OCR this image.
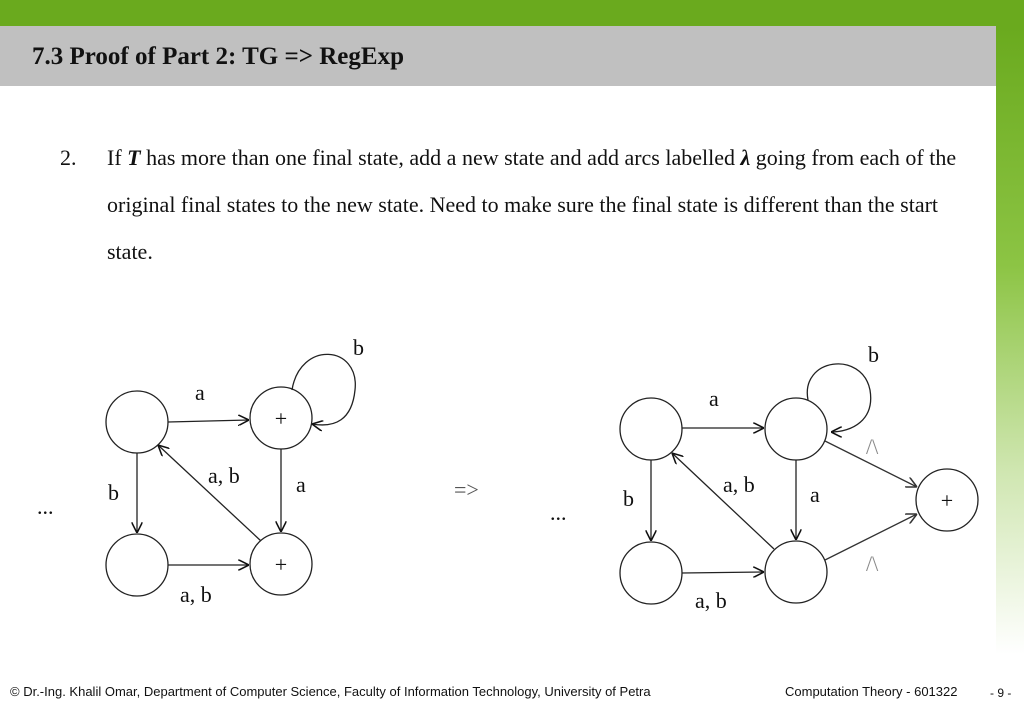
7.3 Proof of Part 2: TG => RegExp
2. If T has more than one final state, add a new state and add arcs labelled λ going from each of the original final states to the new state. Need to make sure the final state is different than the start state.
+
+
a
b
b
a, b	a
a, b
...
=>	+
a
b
b
a, b	a
a, b
/\
/\
...
© Dr.-Ing. Khalil Omar, Department of Computer Science, Faculty of Information Technology, University of Petra	Computation Theory - 601322	- 9 -
